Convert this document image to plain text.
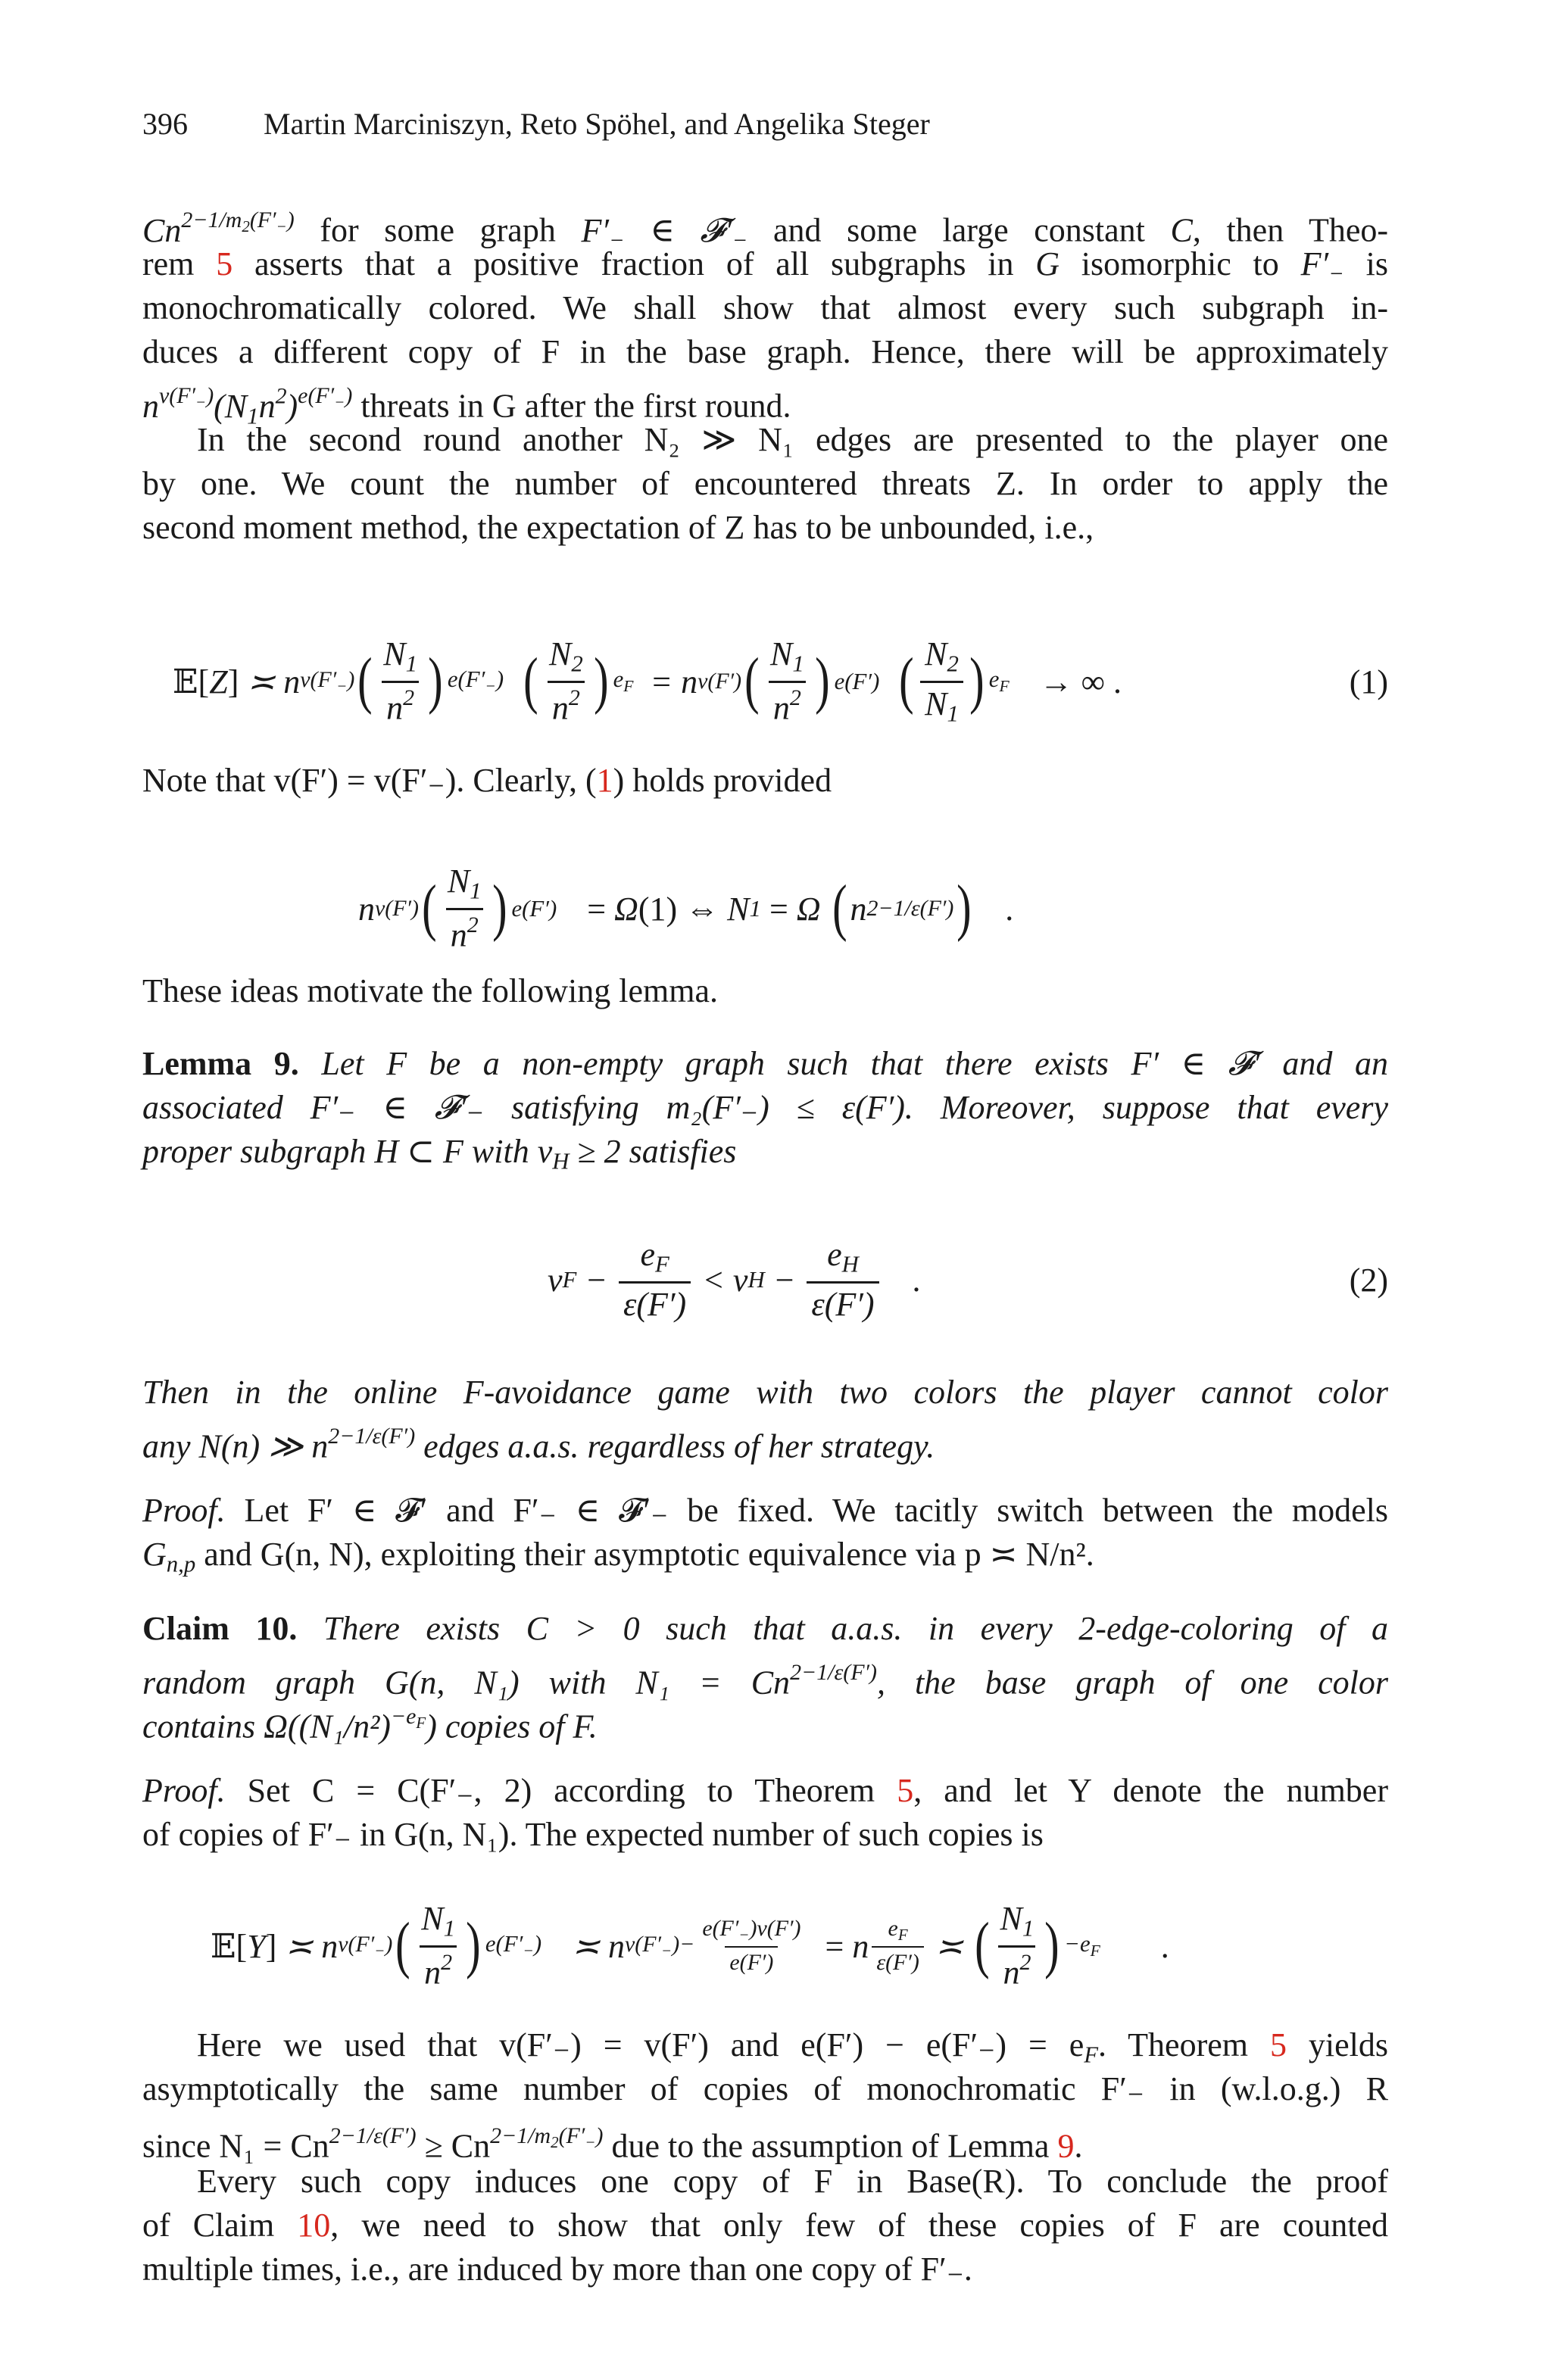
396	Martin Marciniszyn, Reto Spöhel, and Angelika Steger
$Cn^{2-1/m_2(F'_-)}$ for some graph $F'_-$ ∈ $𝓕'_-$ and some large constant C, then Theo-
rem 5 asserts that a positive fraction of all subgraphs in G isomorphic to $F'_-$ is
monochromatically colored. We shall show that almost every such subgraph in-
duces a different copy of F in the base graph. Hence, there will be approximately
$n^{v(F'_-)}(N_1n^2)^{e(F'_-)}$ threats in G after the first round.
In the second round another N₂ ≫ N₁ edges are presented to the player one
by one. We count the number of encountered threats Z. In order to apply the
second moment method, the expectation of Z has to be unbounded, i.e.,
𝔼 [ Z ] ≍ n $v(F'_-)$ ( $\frac{N_1}{n^2}$ ) $e(F'_-)$ ( $\frac{N_2}{n^2}$ ) $e_F = n$ v(F′) ( $\frac{N_1}{n^2}$ ) e(F′) ( $\frac{N_2}{N_1}$ ) $e_F$ → ∞ .	(1)
Note that v(F′) = v(F′₋). Clearly, (1) holds provided
n v(F′) ( $\frac{N_1}{n^2}$ ) e(F′) = Ω (1) ⇔ N 1
= Ω ( n 2−1/ε(F′) ) .
These ideas motivate the following lemma.
Lemma 9. Let F be a non-empty graph such that there exists F′ ∈ 𝓕′ and an
associated F′₋ ∈ 𝓕′₋ satisfying m₂(F′₋) ≤ ε(F′). Moreover, suppose that every
proper subgraph H ⊂ F with $v_H \ge 2$ satisfies
v $F - \frac{e_F}{\varepsilon(F')} < v$ $H - \frac{e_H}{\varepsilon(F')}$ .	(2)
Then in the online F-avoidance game with two colors the player cannot color
any N(n) ≫ $n^{2-1/\varepsilon(F')}$ edges a.a.s. regardless of her strategy.
Proof. Let F′ ∈ 𝓕′ and F′₋ ∈ 𝓕′₋ be fixed. We tacitly switch between the models
$G_{n,p}$ and G(n, N), exploiting their asymptotic equivalence via p ≍ N/n².
Claim 10. There exists C > 0 such that a.a.s. in every 2-edge-coloring of a
random graph G(n, N₁) with $N_1 = Cn^{2-1/\varepsilon(F')}$, the base graph of one color
contains $\Omega((N_1/n^2)^{-e_F})$ copies of F.
Proof. Set C = C(F′₋, 2) according to Theorem 5, and let Y denote the number
of copies of F′₋ in G(n, N₁). The expected number of such copies is
𝔼 [ Y ] ≍ n $v(F'_-)$ ( $\frac{N_1}{n^2}$ ) $e(F'_-)$ ≍ n $v(F'_-)- \frac{e(F'_-)v(F')}{e(F')} = n \frac{e_F}{\varepsilon(F')}$ ≍ ( $\frac{N_1}{n^2}$ ) $-e_F$ .
Here we used that v(F′₋) = v(F′) and $e(F') - e(F'_-) = e_F$. Theorem 5 yields
asymptotically the same number of copies of monochromatic F′₋ in (w.l.o.g.) R
since $N_1 = Cn^{2-1/\varepsilon(F')} \ge Cn^{2-1/m_2(F'_-)}$ due to the assumption of Lemma 9.
Every such copy induces one copy of F in Base(R). To conclude the proof
of Claim 10, we need to show that only few of these copies of F are counted
multiple times, i.e., are induced by more than one copy of F′₋.
